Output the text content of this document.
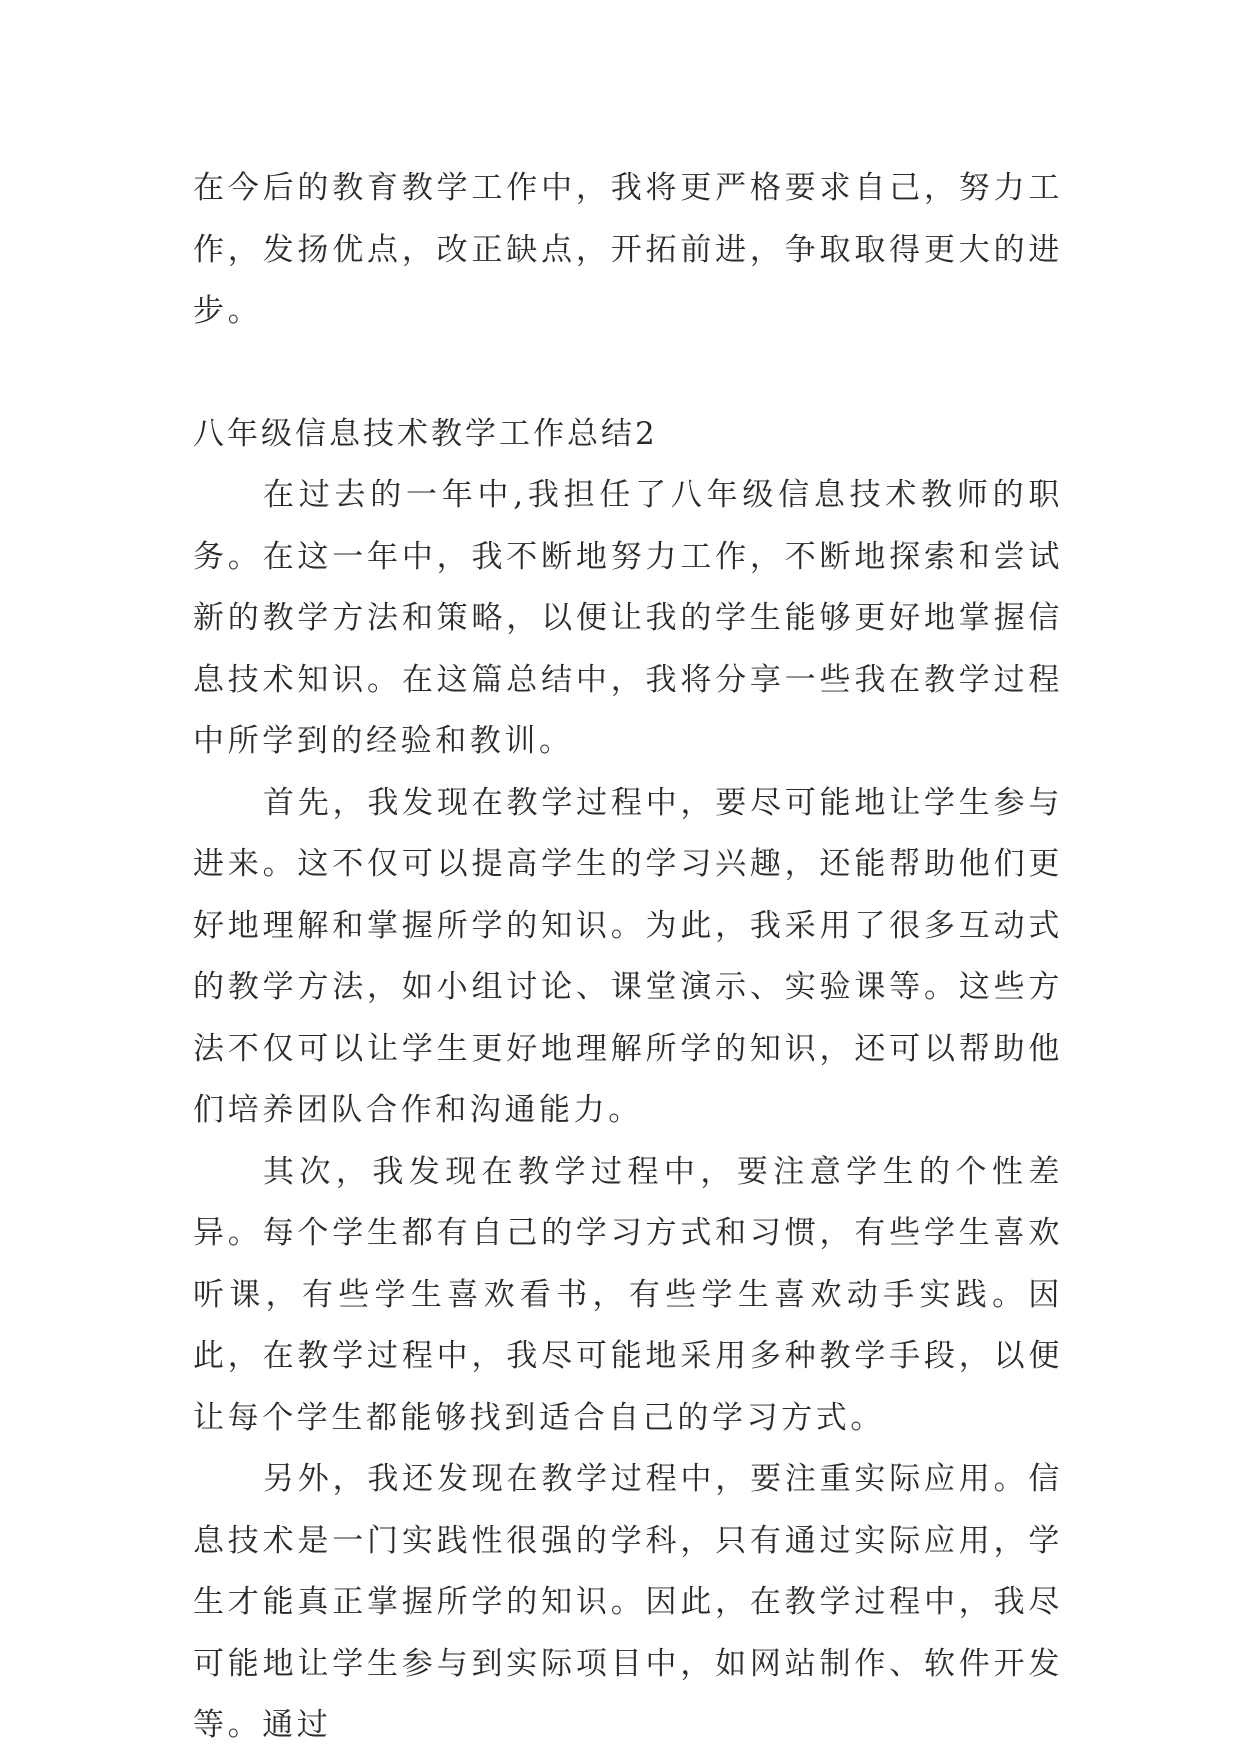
在今后的教育教学工作中，我将更严格要求自己，努力工作，发扬优点，改正缺点，开拓前进，争取取得更大的进步。

八年级信息技术教学工作总结2

在过去的一年中,我担任了八年级信息技术教师的职务。在这一年中，我不断地努力工作，不断地探索和尝试新的教学方法和策略，以便让我的学生能够更好地掌握信息技术知识。在这篇总结中，我将分享一些我在教学过程中所学到的经验和教训。

首先，我发现在教学过程中，要尽可能地让学生参与进来。这不仅可以提高学生的学习兴趣，还能帮助他们更好地理解和掌握所学的知识。为此，我采用了很多互动式的教学方法，如小组讨论、课堂演示、实验课等。这些方法不仅可以让学生更好地理解所学的知识，还可以帮助他们培养团队合作和沟通能力。

其次，我发现在教学过程中，要注意学生的个性差异。每个学生都有自己的学习方式和习惯，有些学生喜欢听课，有些学生喜欢看书，有些学生喜欢动手实践。因此，在教学过程中，我尽可能地采用多种教学手段，以便让每个学生都能够找到适合自己的学习方式。

另外，我还发现在教学过程中，要注重实际应用。信息技术是一门实践性很强的学科，只有通过实际应用，学生才能真正掌握所学的知识。因此，在教学过程中，我尽可能地让学生参与到实际项目中，如网站制作、软件开发等。通过
